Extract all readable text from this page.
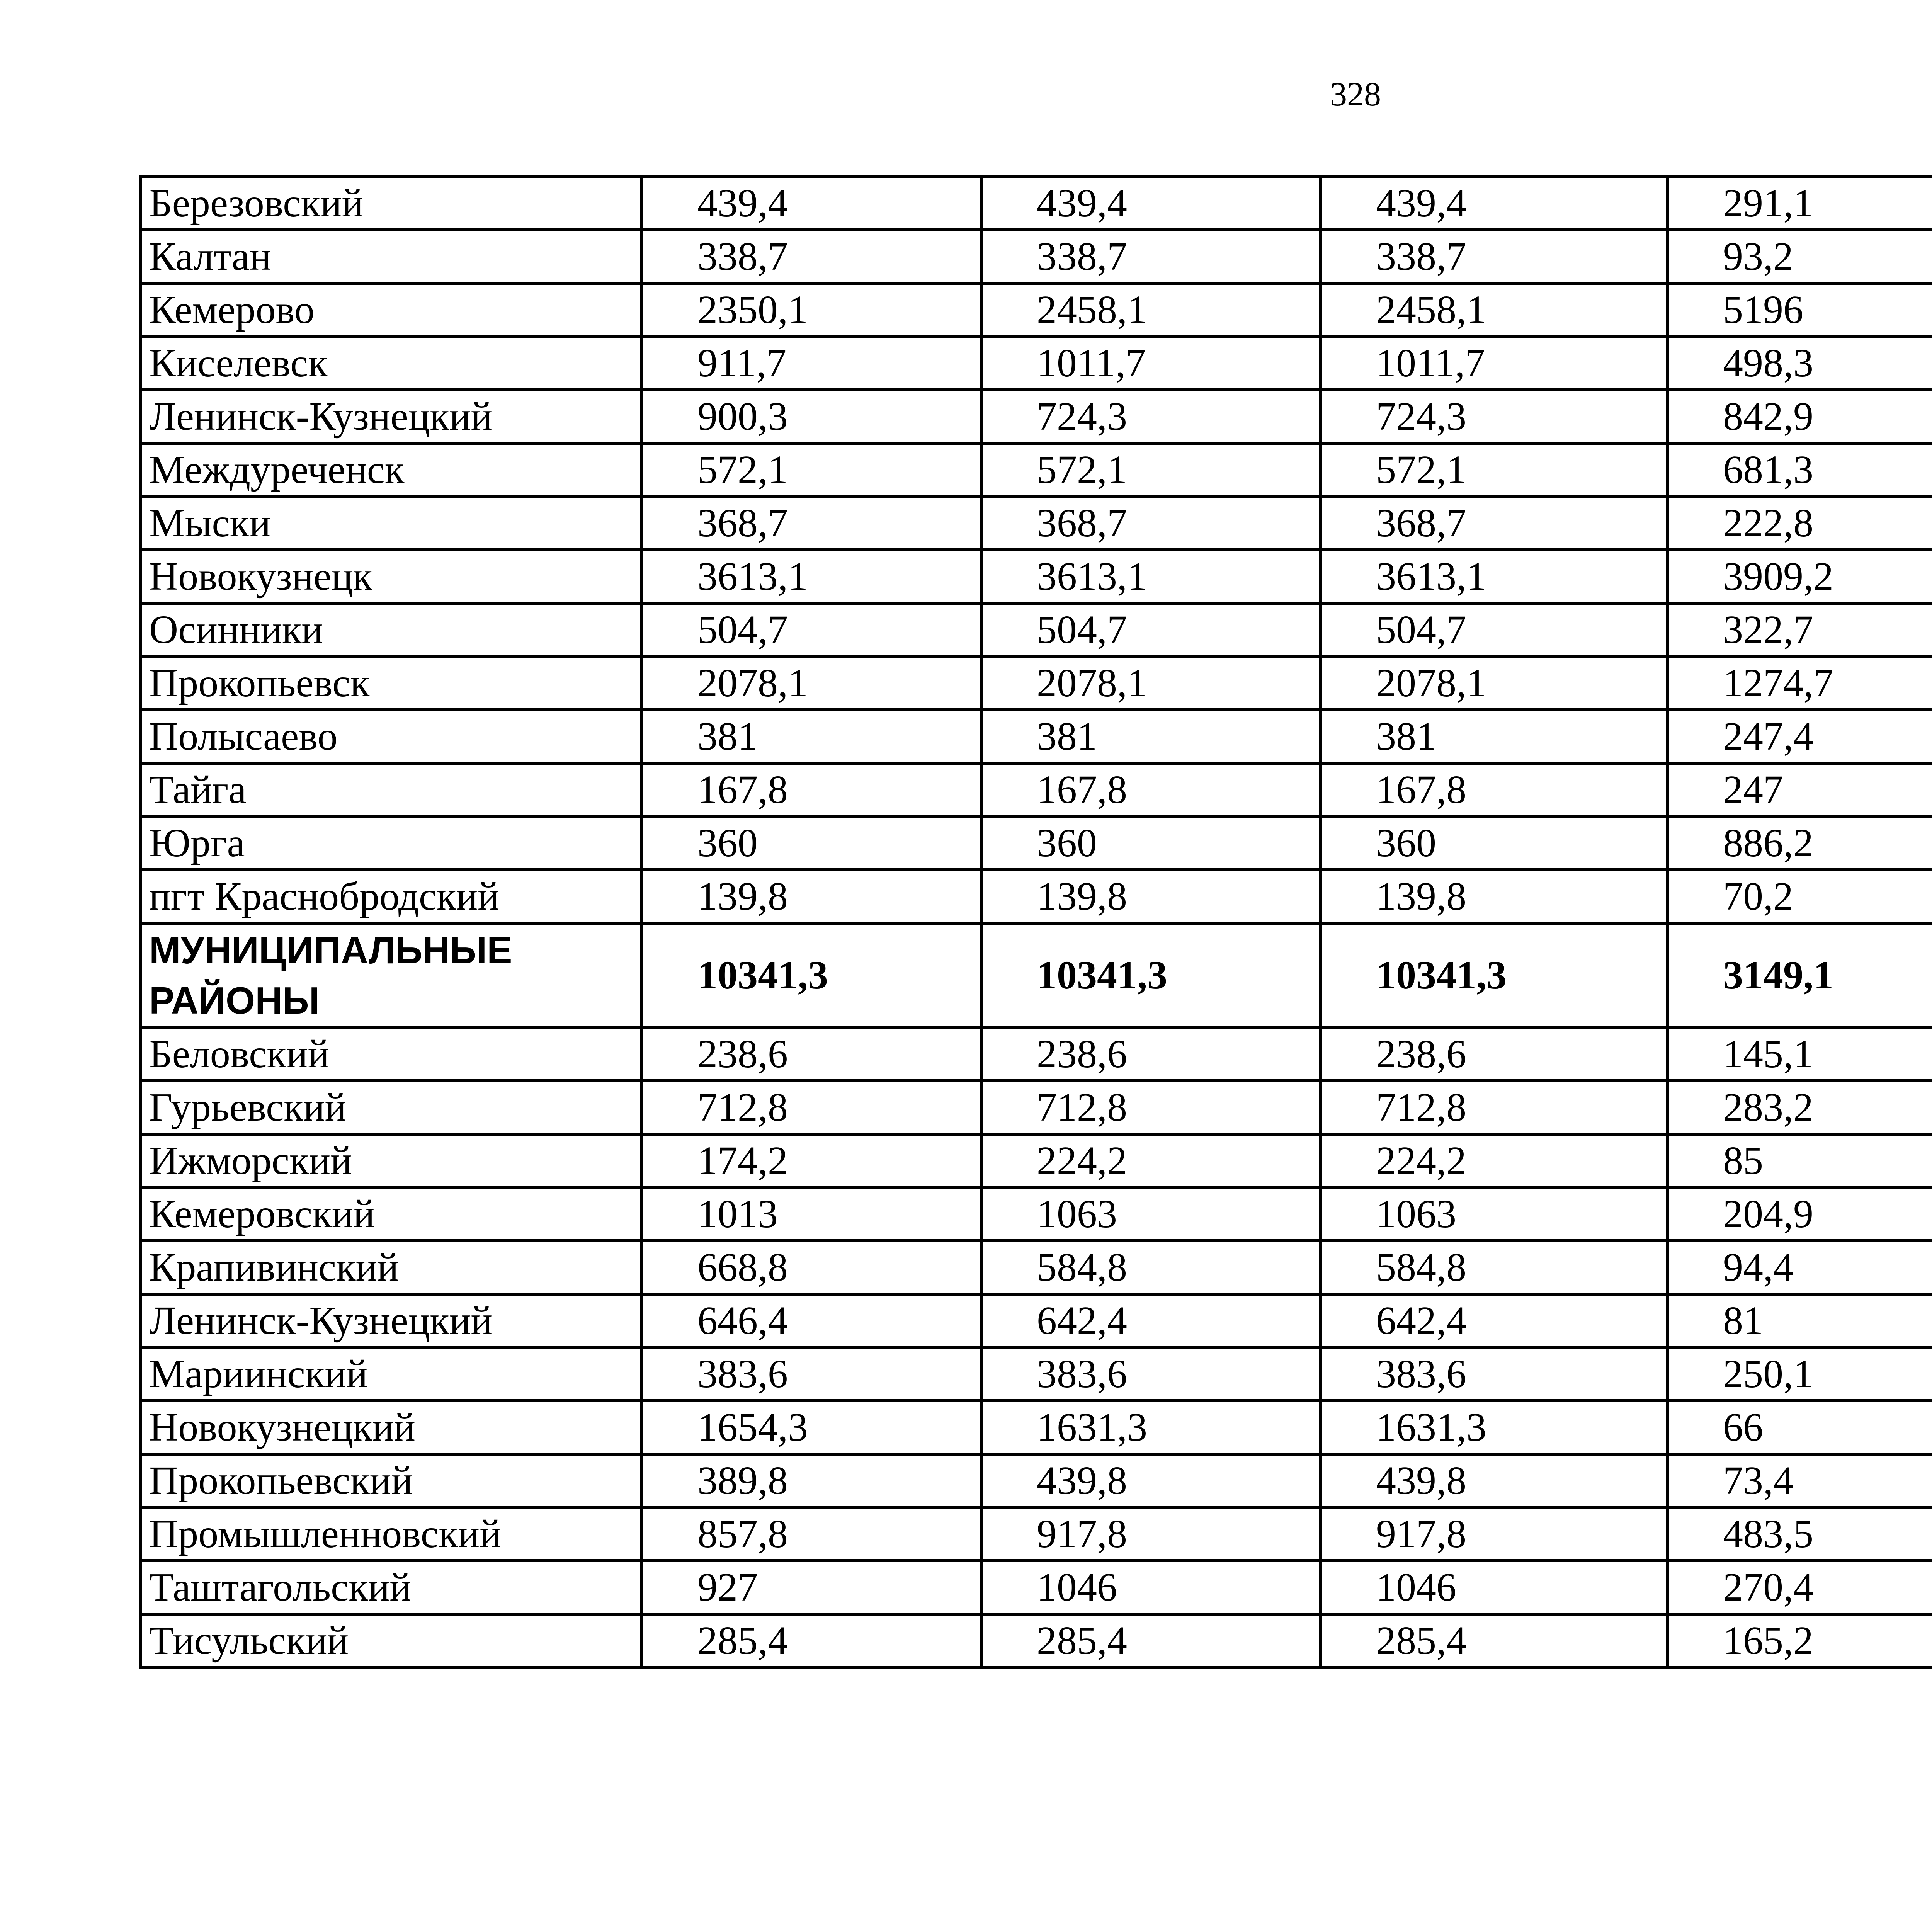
328
Березовский	439,4	439,4	439,4	291,1		
Калтан	338,7	338,7	338,7	93,2		
Кемерово	2350,1	2458,1	2458,1	5196		
Киселевск	911,7	1011,7	1011,7	498,3		
Ленинск-Кузнецкий	900,3	724,3	724,3	842,9		
Междуреченск	572,1	572,1	572,1	681,3		
Мыски	368,7	368,7	368,7	222,8		
Новокузнецк	3613,1	3613,1	3613,1	3909,2		
Осинники	504,7	504,7	504,7	322,7		
Прокопьевск	2078,1	2078,1	2078,1	1274,7		
Полысаево	381	381	381	247,4		
Тайга	167,8	167,8	167,8	247		
Юрга	360	360	360	886,2		
пгт Краснобродский	139,8	139,8	139,8	70,2		
МУНИЦИПАЛЬНЫЕ РАЙОНЫ	10341,3	10341,3	10341,3	3149,1		
Беловский	238,6	238,6	238,6	145,1		
Гурьевский	712,8	712,8	712,8	283,2		
Ижморский	174,2	224,2	224,2	85		
Кемеровский	1013	1063	1063	204,9		
Крапивинский	668,8	584,8	584,8	94,4		
Ленинск-Кузнецкий	646,4	642,4	642,4	81		
Мариинский	383,6	383,6	383,6	250,1		
Новокузнецкий	1654,3	1631,3	1631,3	66		
Прокопьевский	389,8	439,8	439,8	73,4		
Промышленновский	857,8	917,8	917,8	483,5		
Таштагольский	927	1046	1046	270,4		
Тисульский	285,4	285,4	285,4	165,2		
